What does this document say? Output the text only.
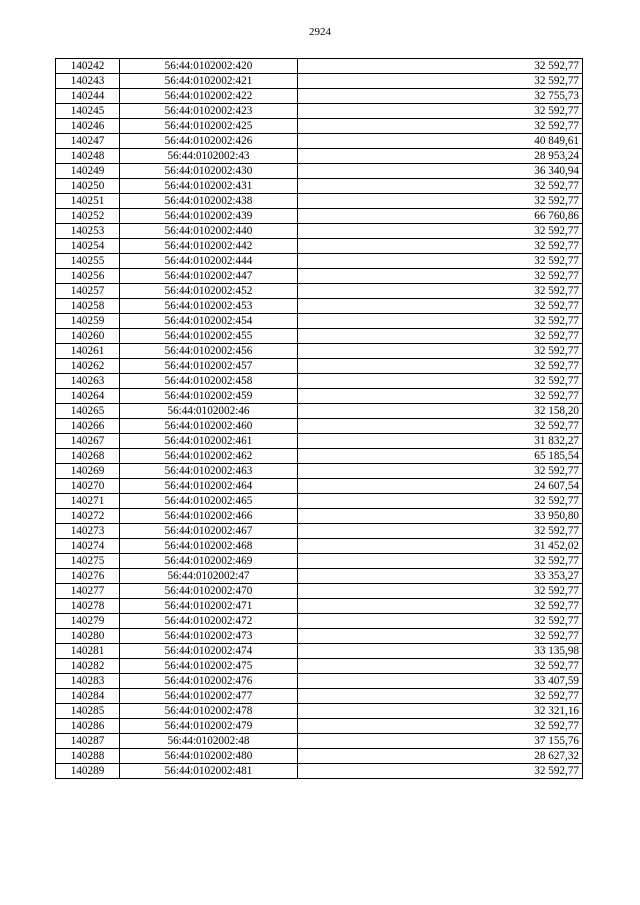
2924
140242	56:44:0102002:420	32 592,77
140243	56:44:0102002:421	32 592,77
140244	56:44:0102002:422	32 755,73
140245	56:44:0102002:423	32 592,77
140246	56:44:0102002:425	32 592,77
140247	56:44:0102002:426	40 849,61
140248	56:44:0102002:43	28 953,24
140249	56:44:0102002:430	36 340,94
140250	56:44:0102002:431	32 592,77
140251	56:44:0102002:438	32 592,77
140252	56:44:0102002:439	66 760,86
140253	56:44:0102002:440	32 592,77
140254	56:44:0102002:442	32 592,77
140255	56:44:0102002:444	32 592,77
140256	56:44:0102002:447	32 592,77
140257	56:44:0102002:452	32 592,77
140258	56:44:0102002:453	32 592,77
140259	56:44:0102002:454	32 592,77
140260	56:44:0102002:455	32 592,77
140261	56:44:0102002:456	32 592,77
140262	56:44:0102002:457	32 592,77
140263	56:44:0102002:458	32 592,77
140264	56:44:0102002:459	32 592,77
140265	56:44:0102002:46	32 158,20
140266	56:44:0102002:460	32 592,77
140267	56:44:0102002:461	31 832,27
140268	56:44:0102002:462	65 185,54
140269	56:44:0102002:463	32 592,77
140270	56:44:0102002:464	24 607,54
140271	56:44:0102002:465	32 592,77
140272	56:44:0102002:466	33 950,80
140273	56:44:0102002:467	32 592,77
140274	56:44:0102002:468	31 452,02
140275	56:44:0102002:469	32 592,77
140276	56:44:0102002:47	33 353,27
140277	56:44:0102002:470	32 592,77
140278	56:44:0102002:471	32 592,77
140279	56:44:0102002:472	32 592,77
140280	56:44:0102002:473	32 592,77
140281	56:44:0102002:474	33 135,98
140282	56:44:0102002:475	32 592,77
140283	56:44:0102002:476	33 407,59
140284	56:44:0102002:477	32 592,77
140285	56:44:0102002:478	32 321,16
140286	56:44:0102002:479	32 592,77
140287	56:44:0102002:48	37 155,76
140288	56:44:0102002:480	28 627,32
140289	56:44:0102002:481	32 592,77
